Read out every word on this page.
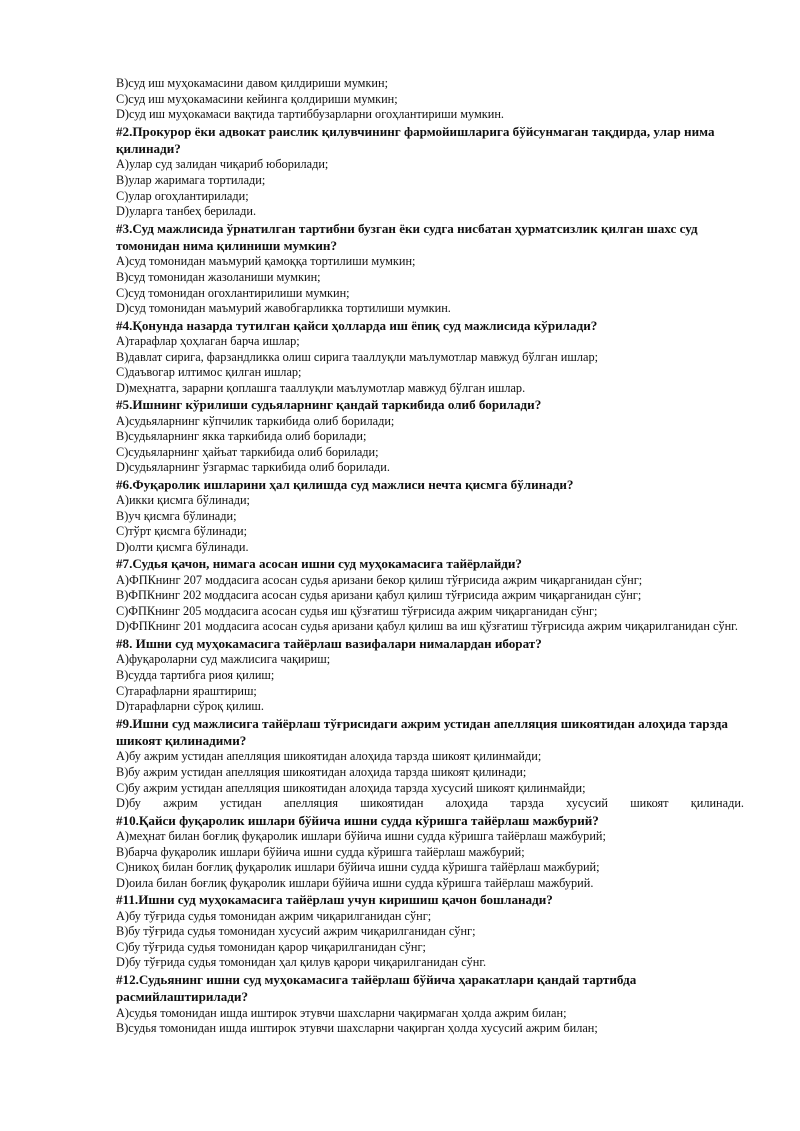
B)суд иш муҳокамасини давом қилдириши мумкин;

C)суд иш муҳокамасини кейинга қолдириши мумкин;

D)суд иш муҳокамаси вақтида тартиббузарларни огоҳлантириши мумкин.

#2.Прокурор ёки адвокат раислик қилувчининг фармойишларига бўйсунмаган тақдирда, улар нима қилинади?

A)улар суд залидан чиқариб юборилади;

B)улар жаримага тортилади;

C)улар огоҳлантирилади;

D)уларга танбеҳ берилади.

#3.Суд мажлисида ўрнатилган тартибни бузган ёки судга нисбатан ҳурматсизлик қилган шахс суд томонидан нима қилиниши мумкин?

A)суд томонидан маъмурий қамоққа тортилиши мумкин;

B)суд томонидан жазоланиши мумкин;

C)суд томонидан огохлантирилиши мумкин;

D)суд томонидан маъмурий жавобгарликка тортилиши мумкин.

#4.Қонунда назарда тутилган қайси ҳолларда иш ёпиқ суд мажлисида кўрилади?

A)тарафлар ҳоҳлаган барча ишлар;

B)давлат сирига, фарзандликка олиш сирига тааллуқли маълумотлар мавжуд бўлган ишлар;

C)даъвогар илтимос қилган ишлар;

D)меҳнатга, зарарни қоплашга тааллуқли маълумотлар мавжуд бўлган ишлар.

#5.Ишнинг кўрилиши судьяларнинг қандай таркибида олиб борилади?

A)судьяларнинг кўпчилик таркибида олиб борилади;

B)судьяларнинг якка таркибида олиб борилади;

C)судьяларнинг ҳайъат таркибида олиб борилади;

D)судьяларнинг ўзгармас таркибида олиб борилади.

#6.Фуқаролик ишларини ҳал қилишда суд мажлиси нечта қисмга бўлинади?

A)икки қисмга бўлинади;

B)уч қисмга бўлинади;

C)тўрт қисмга бўлинади;

D)олти қисмга бўлинади.

#7.Судья қачон, нимага асосан ишни суд муҳокамасига тайёрлайди?

A)ФПКнинг 207 моддасига асосан судья аризани бекор қилиш тўғрисида ажрим чиқарганидан сўнг;

B)ФПКнинг 202 моддасига асосан судья аризани қабул қилиш тўғрисида ажрим чиқарганидан сўнг;

C)ФПКнинг 205 моддасига асосан судья иш қўзғатиш тўғрисида ажрим чиқарганидан сўнг;

D)ФПКнинг 201 моддасига асосан судья аризани қабул қилиш ва иш қўзғатиш тўғрисида ажрим чиқарилганидан сўнг.

#8. Ишни суд муҳокамасига тайёрлаш вазифалари нималардан иборат?

A)фуқароларни суд мажлисига чақириш;

B)судда тартибга риоя қилиш;

C)тарафларни яраштириш;

D)тарафларни сўроқ қилиш.

#9.Ишни суд мажлисига тайёрлаш тўғрисидаги ажрим устидан апелляция шикоятидан алоҳида тарзда шикоят қилинадими?

A)бу ажрим устидан апелляция шикоятидан алоҳида тарзда шикоят қилинмайди;

B)бу ажрим устидан апелляция шикоятидан алоҳида тарзда шикоят қилинади;

C)бу ажрим устидан апелляция шикоятидан алоҳида тарзда хусусий шикоят қилинмайди;

D)бу ажрим устидан апелляция шикоятидан алоҳида тарзда хусусий шикоят қилинади.

#10.Қайси фуқаролик ишлари бўйича ишни судда кўришга тайёрлаш мажбурий?

A)меҳнат билан боғлиқ фуқаролик ишлари бўйича ишни судда кўришга тайёрлаш мажбурий;

B)барча фуқаролик ишлари бўйича ишни судда кўришга тайёрлаш мажбурий;

C)никоҳ билан боғлиқ фуқаролик ишлари бўйича ишни судда кўришга тайёрлаш мажбурий;

D)оила билан боғлиқ фуқаролик ишлари бўйича ишни судда кўришга тайёрлаш мажбурий.

#11.Ишни суд муҳокамасига тайёрлаш учун киришиш қачон бошланади?

A)бу тўғрида судья томонидан ажрим чиқарилганидан сўнг;

B)бу тўғрида судья томонидан хусусий ажрим чиқарилганидан сўнг;

C)бу тўғрида судья томонидан қарор чиқарилганидан сўнг;

D)бу тўғрида судья томонидан ҳал қилув қарори чиқарилганидан сўнг.

#12.Судьянинг ишни суд муҳокамасига тайёрлаш бўйича ҳаракатлари қандай тартибда расмийлаштирилади?

A)судья томонидан ишда иштирок этувчи шахсларни чақирмаган ҳолда ажрим билан;

B)судья томонидан ишда иштирок этувчи шахсларни чақирган ҳолда хусусий ажрим билан;
